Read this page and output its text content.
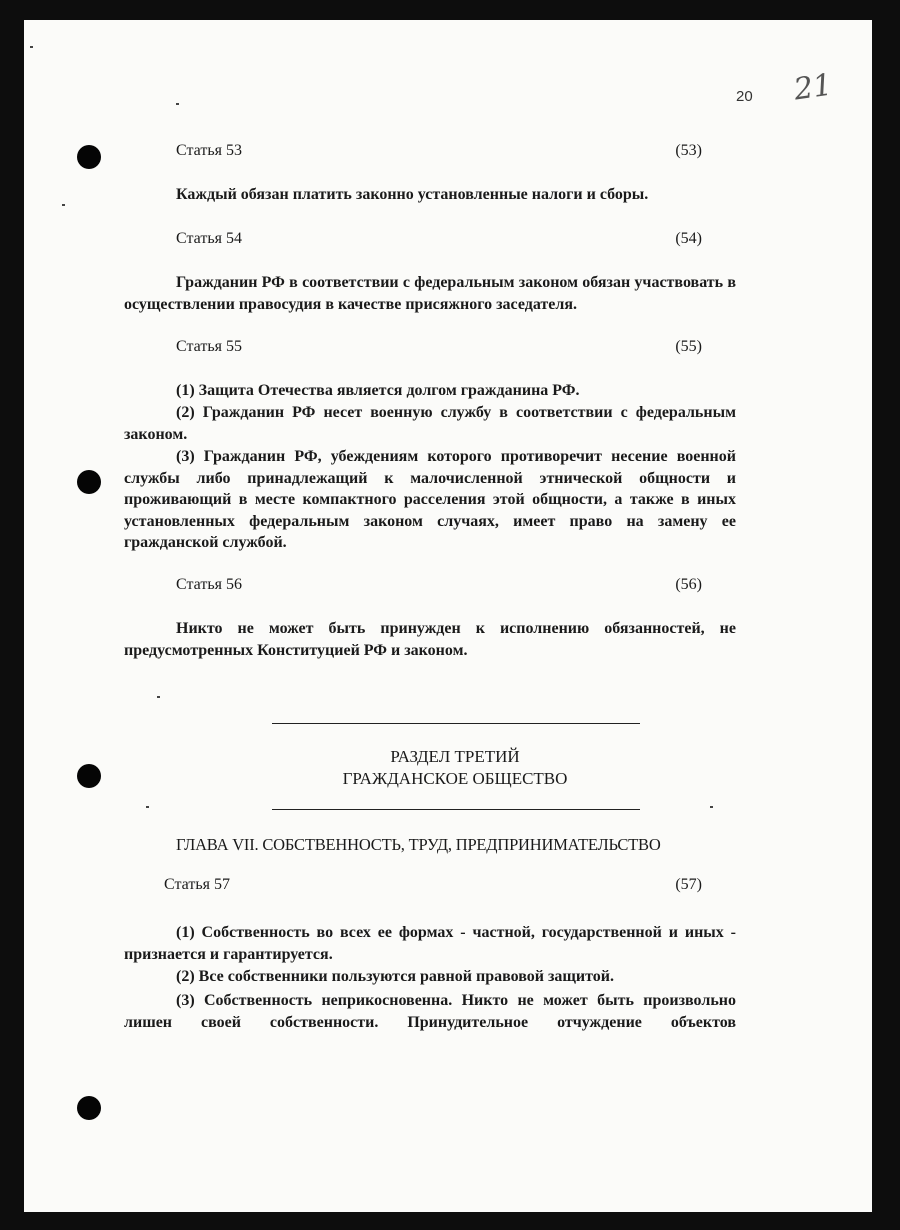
20 21
Статья 53	(53)
Каждый обязан платить законно установленные налоги и сборы.
Статья 54	(54)
Гражданин РФ в соответствии с федеральным законом обязан участвовать в осуществлении правосудия в качестве присяжного заседателя.
Статья 55	(55)
(1) Защита Отечества является долгом гражданина РФ.
(2) Гражданин РФ несет военную службу в соответствии с федеральным законом.
(3) Гражданин РФ, убеждениям которого противоречит несение военной службы либо принадлежащий к малочисленной этнической общности и проживающий в месте компактного расселения этой общности, а также в иных установленных федеральным законом случаях, имеет право на замену ее гражданской службой.
Статья 56	(56)
Никто не может быть принужден к исполнению обязанностей, не предусмотренных Конституцией РФ и законом.
РАЗДЕЛ ТРЕТИЙ
ГРАЖДАНСКОЕ ОБЩЕСТВО
ГЛАВА VII. СОБСТВЕННОСТЬ, ТРУД, ПРЕДПРИНИМАТЕЛЬСТВО
Статья 57	(57)
(1) Собственность во всех ее формах - частной, государственной и иных - признается и гарантируется.
(2) Все собственники пользуются равной правовой защитой.
(3) Собственность неприкосновенна. Никто не может быть произвольно лишен своей собственности. Принудительное отчуждение объектов
